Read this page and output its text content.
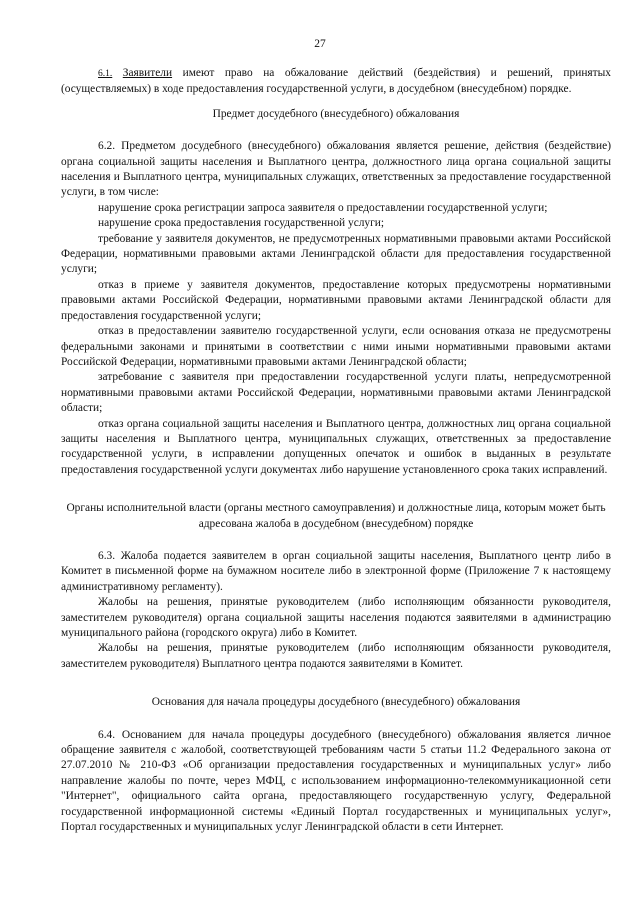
27

6.1. Заявители имеют право на обжалование действий (бездействия) и решений, принятых (осуществляемых) в ходе предоставления государственной услуги, в досудебном (внесудебном) порядке.

Предмет досудебного (внесудебного) обжалования

6.2. Предметом досудебного (внесудебного) обжалования является решение, действия (бездействие) органа социальной защиты населения и Выплатного центра, должностного лица органа социальной защиты населения и Выплатного центра, муниципальных служащих, ответственных за предоставление государственной услуги, в том числе:

нарушение срока регистрации запроса заявителя о предоставлении государственной услуги;

нарушение срока предоставления государственной услуги;

требование у заявителя документов, не предусмотренных нормативными правовыми актами Российской Федерации, нормативными правовыми актами Ленинградской области для предоставления государственной услуги;

отказ в приеме у заявителя документов, предоставление которых предусмотрены нормативными правовыми актами Российской Федерации, нормативными правовыми актами Ленинградской области для предоставления государственной услуги;

отказ в предоставлении заявителю государственной услуги, если основания отказа не предусмотрены федеральными законами и принятыми в соответствии с ними иными нормативными правовыми актами Российской Федерации, нормативными правовыми актами Ленинградской области;

затребование с заявителя при предоставлении государственной услуги платы, непредусмотренной нормативными правовыми актами Российской Федерации, нормативными правовыми актами Ленинградской области;

отказ органа социальной защиты населения и Выплатного центра, должностных лиц органа социальной защиты населения и Выплатного центра, муниципальных служащих, ответственных за предоставление государственной услуги, в исправлении допущенных опечаток и ошибок в выданных в результате предоставления государственной услуги документах либо нарушение установленного срока таких исправлений.

Органы исполнительной власти (органы местного самоуправления) и должностные лица, которым может быть адресована жалоба в досудебном (внесудебном) порядке

6.3. Жалоба подается заявителем в орган социальной защиты населения, Выплатного центр либо в Комитет в письменной форме на бумажном носителе либо в электронной форме (Приложение 7 к настоящему административному регламенту).

Жалобы на решения, принятые руководителем (либо исполняющим обязанности руководителя, заместителем руководителя) органа социальной защиты населения подаются заявителями в администрацию муниципального района (городского округа) либо в Комитет.

Жалобы на решения, принятые руководителем (либо исполняющим обязанности руководителя, заместителем руководителя) Выплатного центра подаются заявителями в Комитет.

Основания для начала процедуры досудебного (внесудебного) обжалования

6.4. Основанием для начала процедуры досудебного (внесудебного) обжалования является личное обращение заявителя с жалобой, соответствующей требованиям части 5 статьи 11.2 Федерального закона от 27.07.2010 № 210-ФЗ «Об организации предоставления государственных и муниципальных услуг» либо направление жалобы по почте, через МФЦ, с использованием информационно-телекоммуникационной сети "Интернет", официального сайта органа, предоставляющего государственную услугу, Федеральной государственной информационной системы «Единый Портал государственных и муниципальных услуг», Портал государственных и муниципальных услуг Ленинградской области в сети Интернет.
